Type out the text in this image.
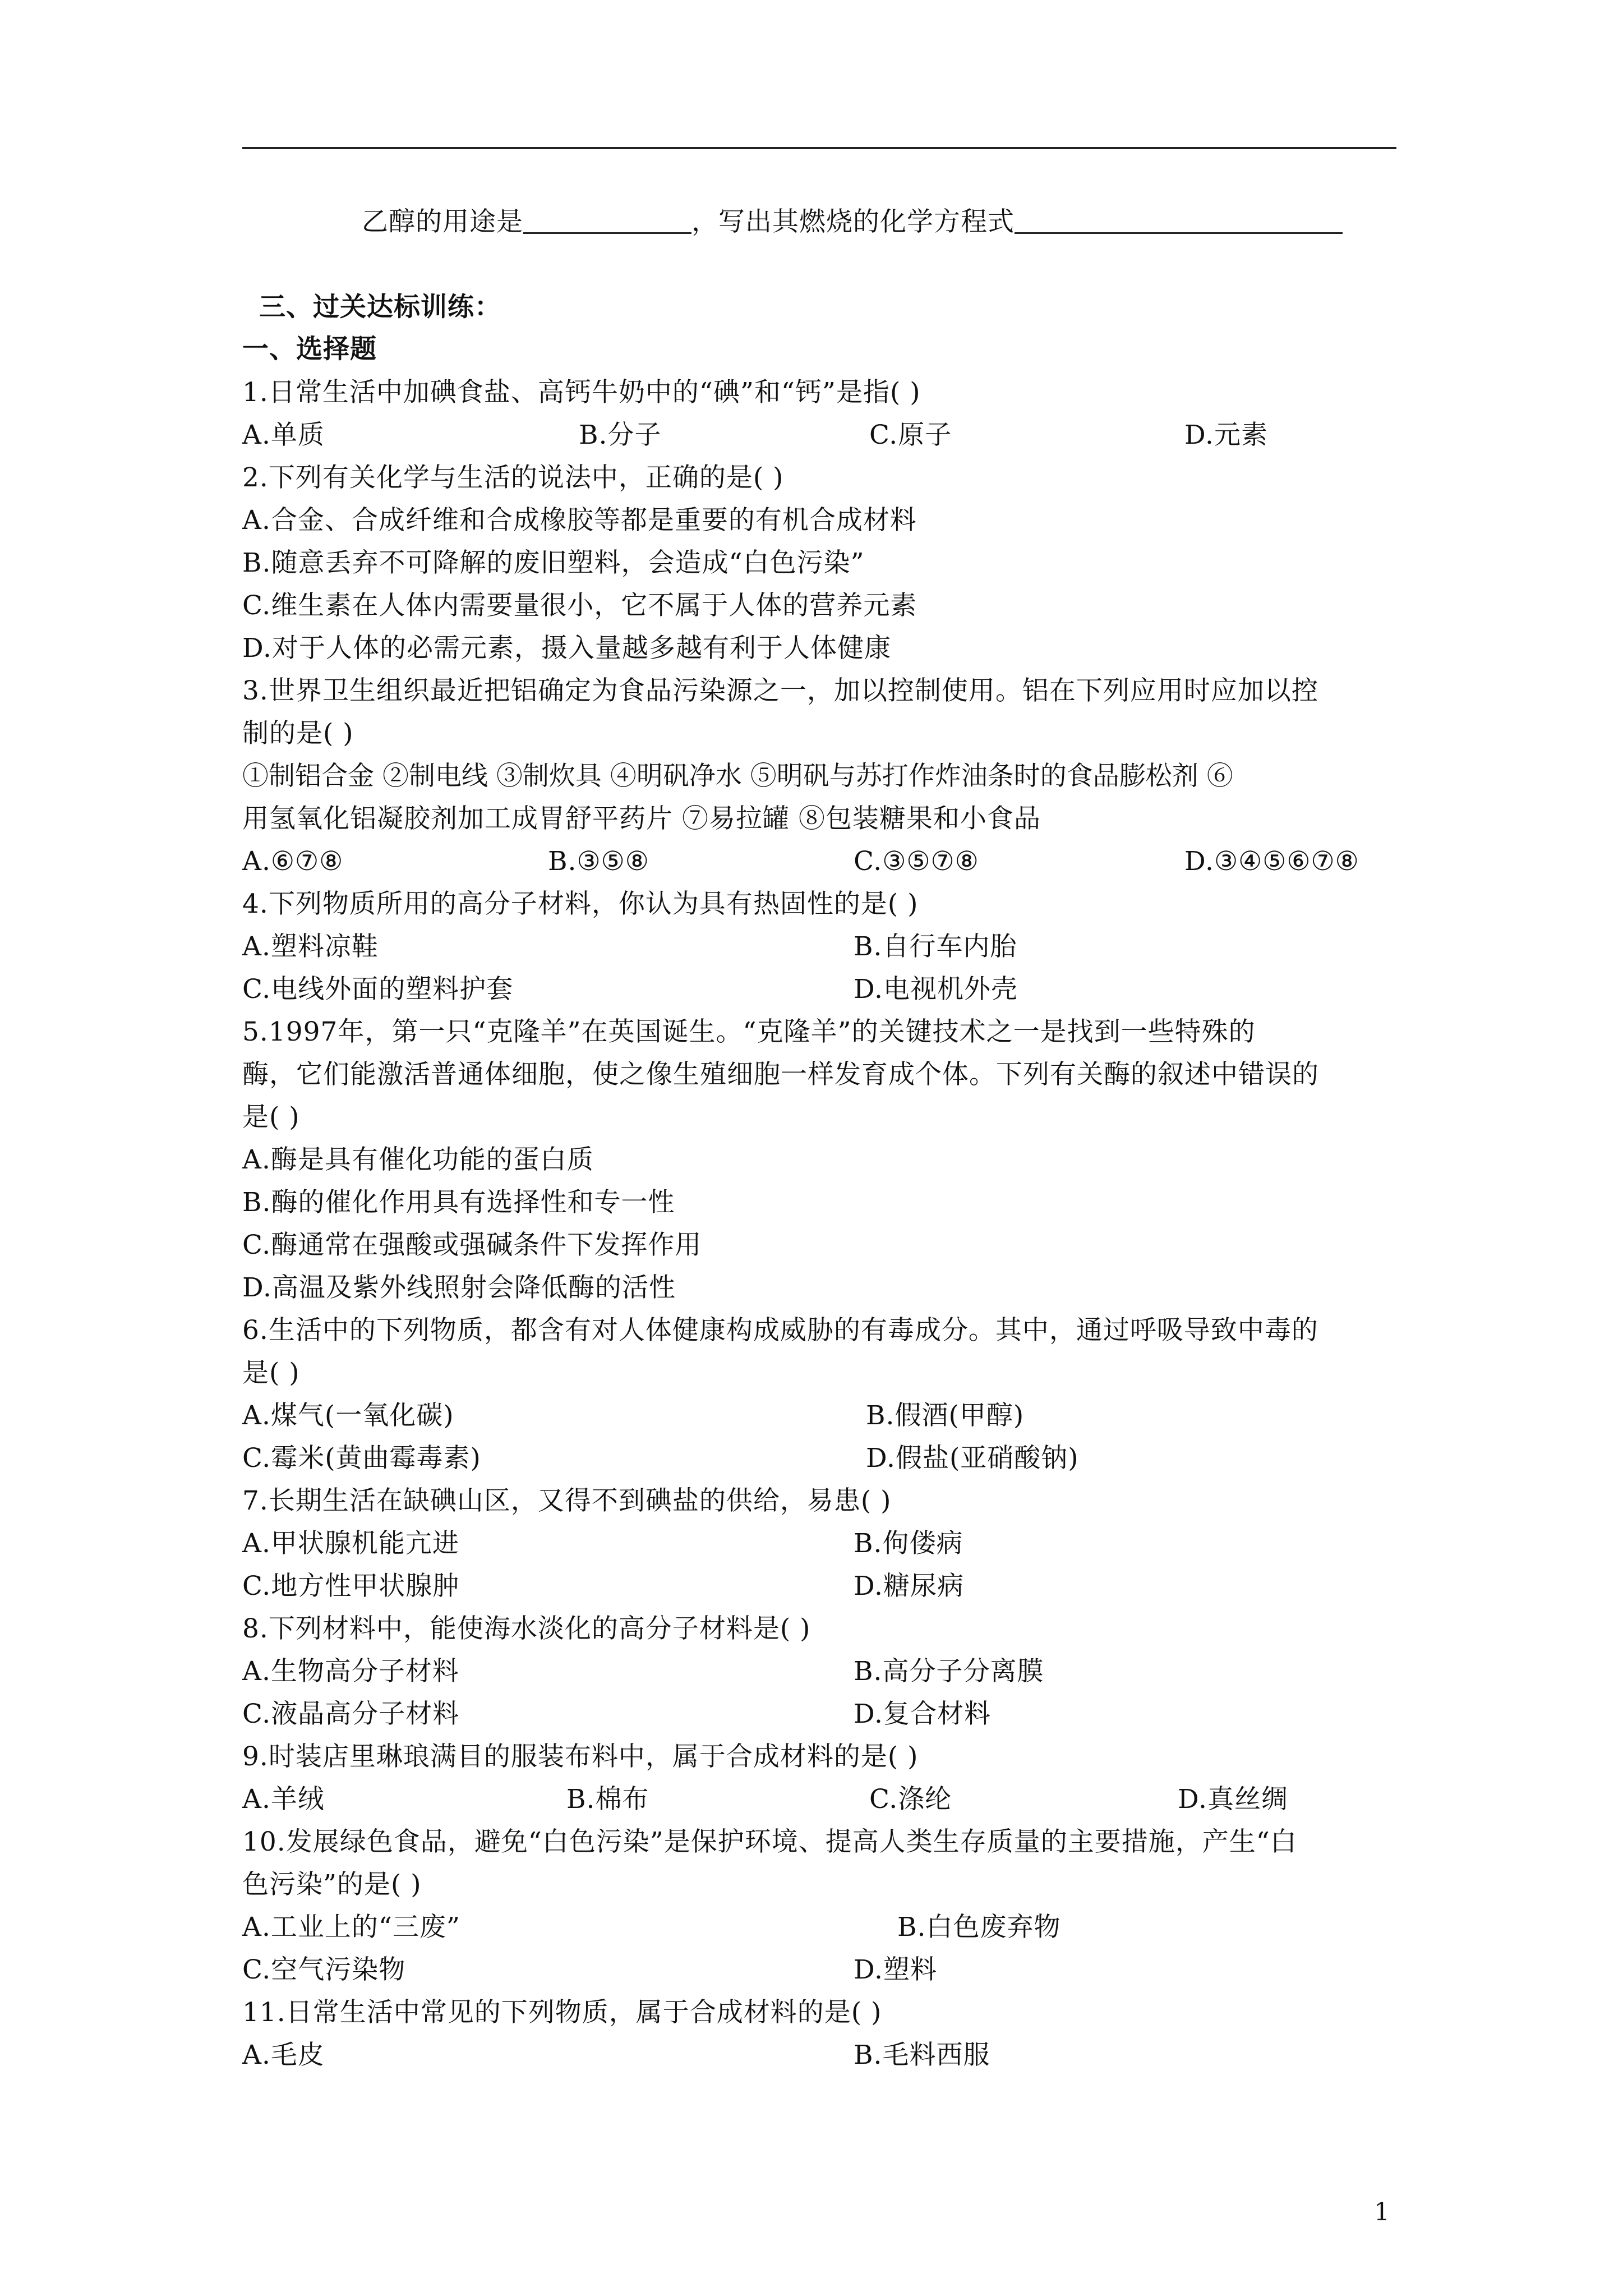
乙醇的用途是	，写出其燃烧的化学方程式
三、过关达标训练：
一、选择题
1.日常生活中加碘食盐、高钙牛奶中的“碘”和“钙”是指( )
A.单质	B.分子	C.原子	D.元素
2.下列有关化学与生活的说法中，正确的是( )
A.合金、合成纤维和合成橡胶等都是重要的有机合成材料
B.随意丢弃不可降解的废旧塑料，会造成“白色污染”
C.维生素在人体内需要量很小，它不属于人体的营养元素
D.对于人体的必需元素，摄入量越多越有利于人体健康
3.世界卫生组织最近把铝确定为食品污染源之一，加以控制使用。铝在下列应用时应加以控
制的是( )
①制铝合金 ②制电线 ③制炊具 ④明矾净水 ⑤明矾与苏打作炸油条时的食品膨松剂 ⑥
用氢氧化铝凝胶剂加工成胃舒平药片 ⑦易拉罐 ⑧包装糖果和小食品
A.⑥⑦⑧	B.③⑤⑧	C.③⑤⑦⑧	D.③④⑤⑥⑦⑧
4.下列物质所用的高分子材料，你认为具有热固性的是( )
A.塑料凉鞋	B.自行车内胎
C.电线外面的塑料护套	D.电视机外壳
5.1997年，第一只“克隆羊”在英国诞生。“克隆羊”的关键技术之一是找到一些特殊的
酶，它们能激活普通体细胞，使之像生殖细胞一样发育成个体。下列有关酶的叙述中错误的
是( )
A.酶是具有催化功能的蛋白质
B.酶的催化作用具有选择性和专一性
C.酶通常在强酸或强碱条件下发挥作用
D.高温及紫外线照射会降低酶的活性
6.生活中的下列物质，都含有对人体健康构成威胁的有毒成分。其中，通过呼吸导致中毒的
是( )
A.煤气(一氧化碳)	B.假酒(甲醇)
C.霉米(黄曲霉毒素)	D.假盐(亚硝酸钠)
7.长期生活在缺碘山区，又得不到碘盐的供给，易患( )
A.甲状腺机能亢进	B.佝偻病
C.地方性甲状腺肿	D.糖尿病
8.下列材料中，能使海水淡化的高分子材料是( )
A.生物高分子材料	B.高分子分离膜
C.液晶高分子材料	D.复合材料
9.时装店里琳琅满目的服装布料中，属于合成材料的是( )
A.羊绒	B.棉布	C.涤纶	D.真丝绸
10.发展绿色食品，避免“白色污染”是保护环境、提高人类生存质量的主要措施，产生“白
色污染”的是( )
A.工业上的“三废”	B.白色废弃物
C.空气污染物	D.塑料
11.日常生活中常见的下列物质，属于合成材料的是( )
A.毛皮	B.毛料西服
1
